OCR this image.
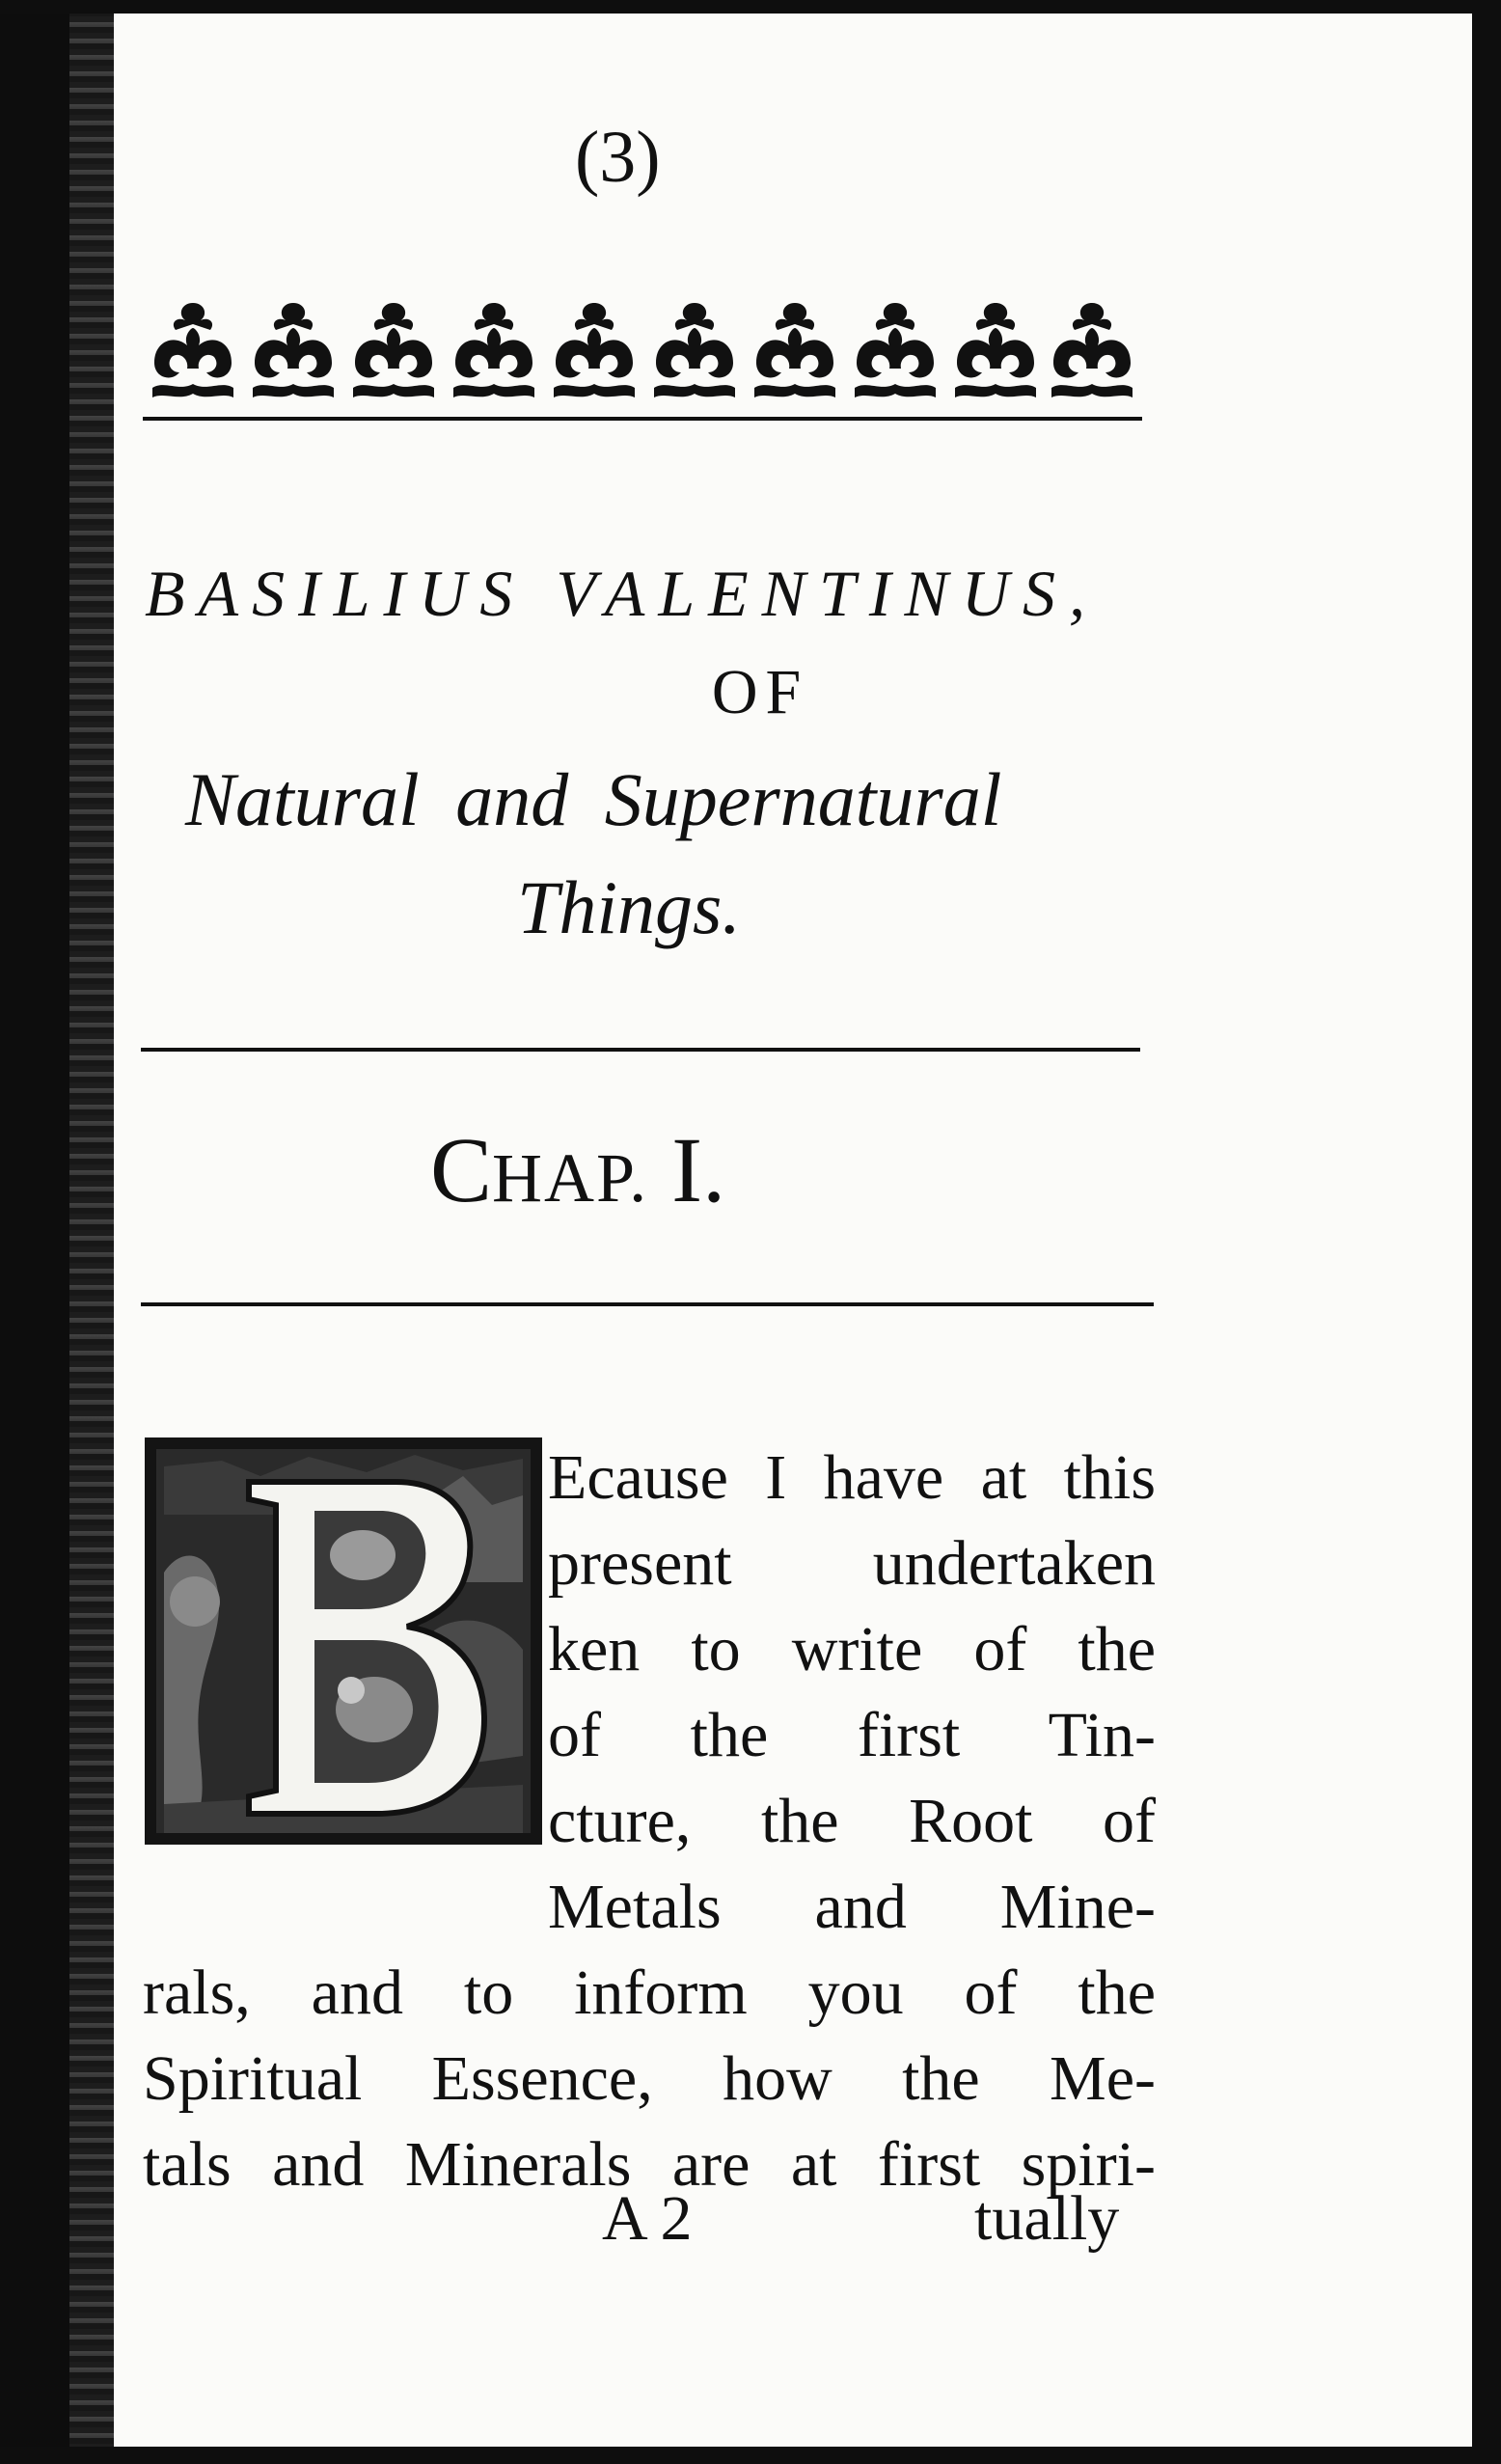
(3)
BASILIUS VALENTINUS,
OF
Natural and Supernatural
Things.
CHAP. I.
Ecause I have at this
present undertaken
ken to write of the
of the first Tin-
cture, the Root of
Metals and Mine-
rals, and to inform you of the
Spiritual Essence, how the Me-
tals and Minerals are at first spiri-
A 2	tually
